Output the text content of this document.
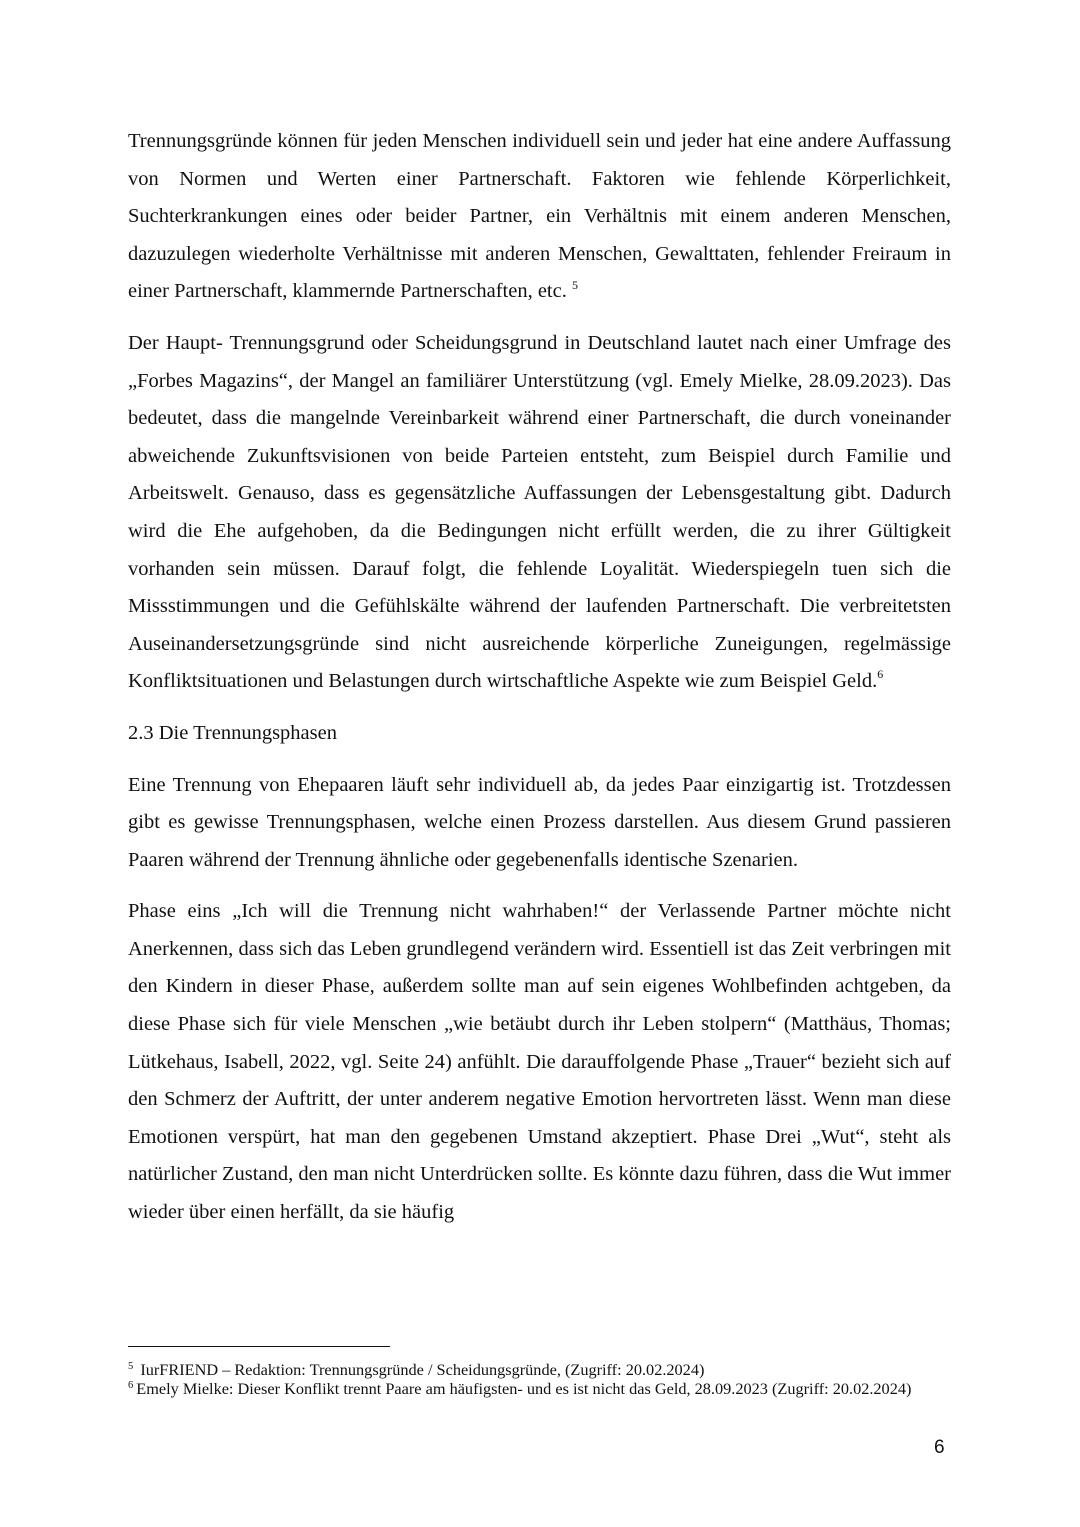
Trennungsgründe können für jeden Menschen individuell sein und jeder hat eine andere Auffassung von Normen und Werten einer Partnerschaft. Faktoren wie fehlende Körperlichkeit, Suchterkrankungen eines oder beider Partner, ein Verhältnis mit einem anderen Menschen, dazuzulegen wiederholte Verhältnisse mit anderen Menschen, Gewalttaten, fehlender Freiraum in einer Partnerschaft, klammernde Partnerschaften, etc. $^5$

Der Haupt- Trennungsgrund oder Scheidungsgrund in Deutschland lautet nach einer Umfrage des „Forbes Magazins“, der Mangel an familiärer Unterstützung (vgl. Emely Mielke, 28.09.2023). Das bedeutet, dass die mangelnde Vereinbarkeit während einer Partnerschaft, die durch voneinander abweichende Zukunftsvisionen von beide Parteien entsteht, zum Beispiel durch Familie und Arbeitswelt. Genauso, dass es gegensätzliche Auffassungen der Lebensgestaltung gibt. Dadurch wird die Ehe aufgehoben, da die Bedingungen nicht erfüllt werden, die zu ihrer Gültigkeit vorhanden sein müssen. Darauf folgt, die fehlende Loyalität. Wiederspiegeln tuen sich die Missstimmungen und die Gefühlskälte während der laufenden Partnerschaft. Die verbreitetsten Auseinandersetzungsgründe sind nicht ausreichende körperliche Zuneigungen, regelmässige Konfliktsituationen und Belastungen durch wirtschaftliche Aspekte wie zum Beispiel Geld.$^6$

2.3 Die Trennungsphasen

Eine Trennung von Ehepaaren läuft sehr individuell ab, da jedes Paar einzigartig ist. Trotzdessen gibt es gewisse Trennungsphasen, welche einen Prozess darstellen. Aus diesem Grund passieren Paaren während der Trennung ähnliche oder gegebenenfalls identische Szenarien.

Phase eins „Ich will die Trennung nicht wahrhaben!“ der Verlassende Partner möchte nicht Anerkennen, dass sich das Leben grundlegend verändern wird. Essentiell ist das Zeit verbringen mit den Kindern in dieser Phase, außerdem sollte man auf sein eigenes Wohlbefinden achtgeben, da diese Phase sich für viele Menschen „wie betäubt durch ihr Leben stolpern“ (Matthäus, Thomas; Lütkehaus, Isabell, 2022, vgl. Seite 24) anfühlt. Die darauffolgende Phase „Trauer“ bezieht sich auf den Schmerz der Auftritt, der unter anderem negative Emotion hervortreten lässt. Wenn man diese Emotionen verspürt, hat man den gegebenen Umstand akzeptiert. Phase Drei „Wut“, steht als natürlicher Zustand, den man nicht Unterdrücken sollte. Es könnte dazu führen, dass die Wut immer wieder über einen herfällt, da sie häufig

$^5$ IurFRIEND – Redaktion: Trennungsgründe / Scheidungsgründe, (Zugriff: 20.02.2024)

$^6$ Emely Mielke: Dieser Konflikt trennt Paare am häufigsten- und es ist nicht das Geld, 28.09.2023 (Zugriff: 20.02.2024)

6
